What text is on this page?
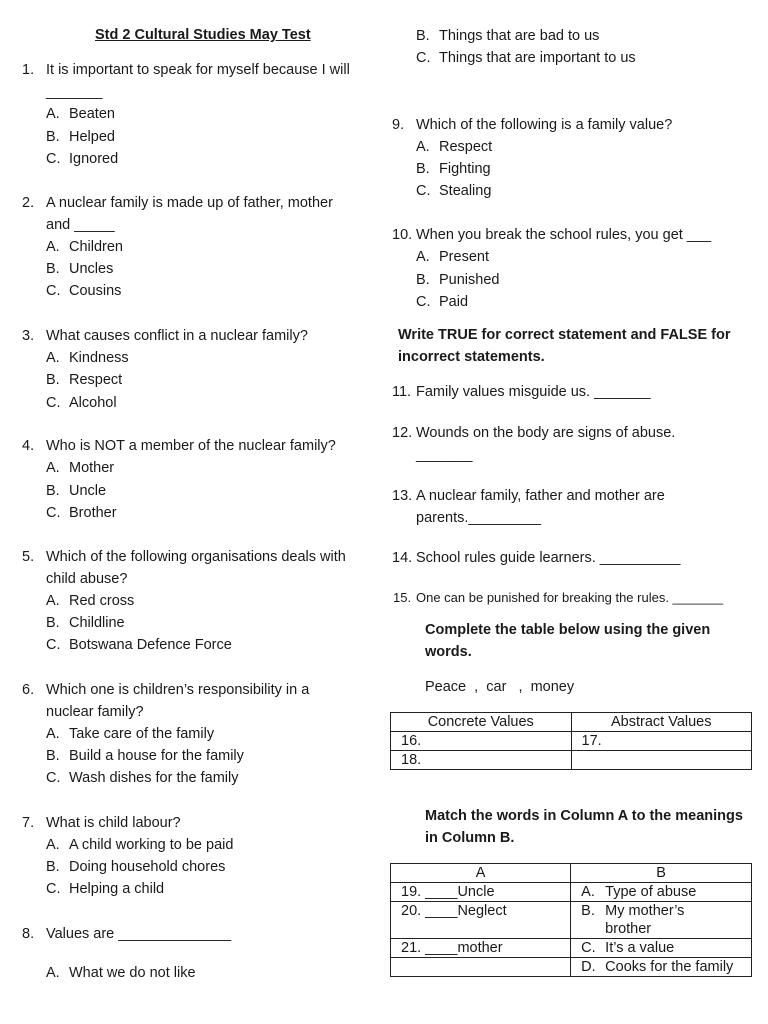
Std 2 Cultural Studies May Test
1. It is important to speak for myself because I will
_______
A. Beaten
B. Helped
C. Ignored
2. A nuclear family is made up of father, mother
and _____
A. Children
B. Uncles
C. Cousins
3. What causes conflict in a nuclear family?
A. Kindness
B. Respect
C. Alcohol
4. Who is NOT a member of the nuclear family?
A. Mother
B. Uncle
C. Brother
5. Which of the following organisations deals with
child abuse?
A. Red cross
B. Childline
C. Botswana Defence Force
6. Which one is children’s responsibility in a
nuclear family?
A. Take care of the family
B. Build a house for the family
C. Wash dishes for the family
7. What is child labour?
A. A child working to be paid
B. Doing household chores
C. Helping a child
8. Values are ______________
A. What we do not like
B. Things that are bad to us
C. Things that are important to us
9. Which of the following is a family value?
A. Respect
B. Fighting
C. Stealing
10. When you break the school rules, you get ___
A. Present
B. Punished
C. Paid
Write TRUE for correct statement and FALSE for
incorrect statements.
11. Family values misguide us. _______
12. Wounds on the body are signs of abuse.
_______
13. A nuclear family, father and mother are
parents._________
14. School rules guide learners. __________
15. One can be punished for breaking the rules. _______
Complete the table below using the given
words.
Peace  ,  car   ,  money
Concrete Values	Abstract Values
16.	17.
18.	
Match the words in Column A to the meanings
in Column B.
A	B
19. ____Uncle	A. Type of abuse
20. ____Neglect	B. My mother’s
brother
21. ____mother	C. It’s a value
	D. Cooks for the family
